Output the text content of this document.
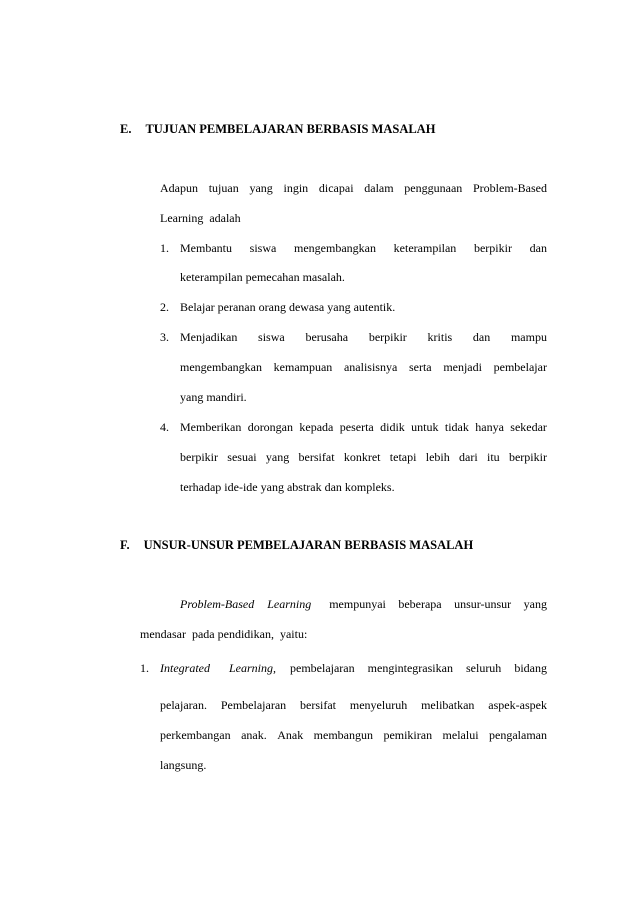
E. TUJUAN PEMBELAJARAN BERBASIS MASALAH
Adapun tujuan yang ingin dicapai dalam penggunaan Problem-Based
Learning  adalah
1. Membantu siswa mengembangkan keterampilan berpikir dan
keterampilan pemecahan masalah.
2. Belajar peranan orang dewasa yang autentik.
3. Menjadikan siswa berusaha berpikir kritis dan mampu
mengembangkan kemampuan analisisnya serta menjadi pembelajar
yang mandiri.
4. Memberikan dorongan kepada peserta didik untuk tidak hanya sekedar
berpikir sesuai yang bersifat konkret tetapi lebih dari itu berpikir
terhadap ide-ide yang abstrak dan kompleks.
F. UNSUR-UNSUR PEMBELAJARAN BERBASIS MASALAH
Problem-Based Learning mempunyai beberapa unsur-unsur yang
mendasar  pada pendidikan,  yaitu:
1. Integrated Learning, pembelajaran mengintegrasikan seluruh bidang
pelajaran. Pembelajaran bersifat menyeluruh melibatkan aspek-aspek
perkembangan anak. Anak membangun pemikiran melalui pengalaman
langsung.
